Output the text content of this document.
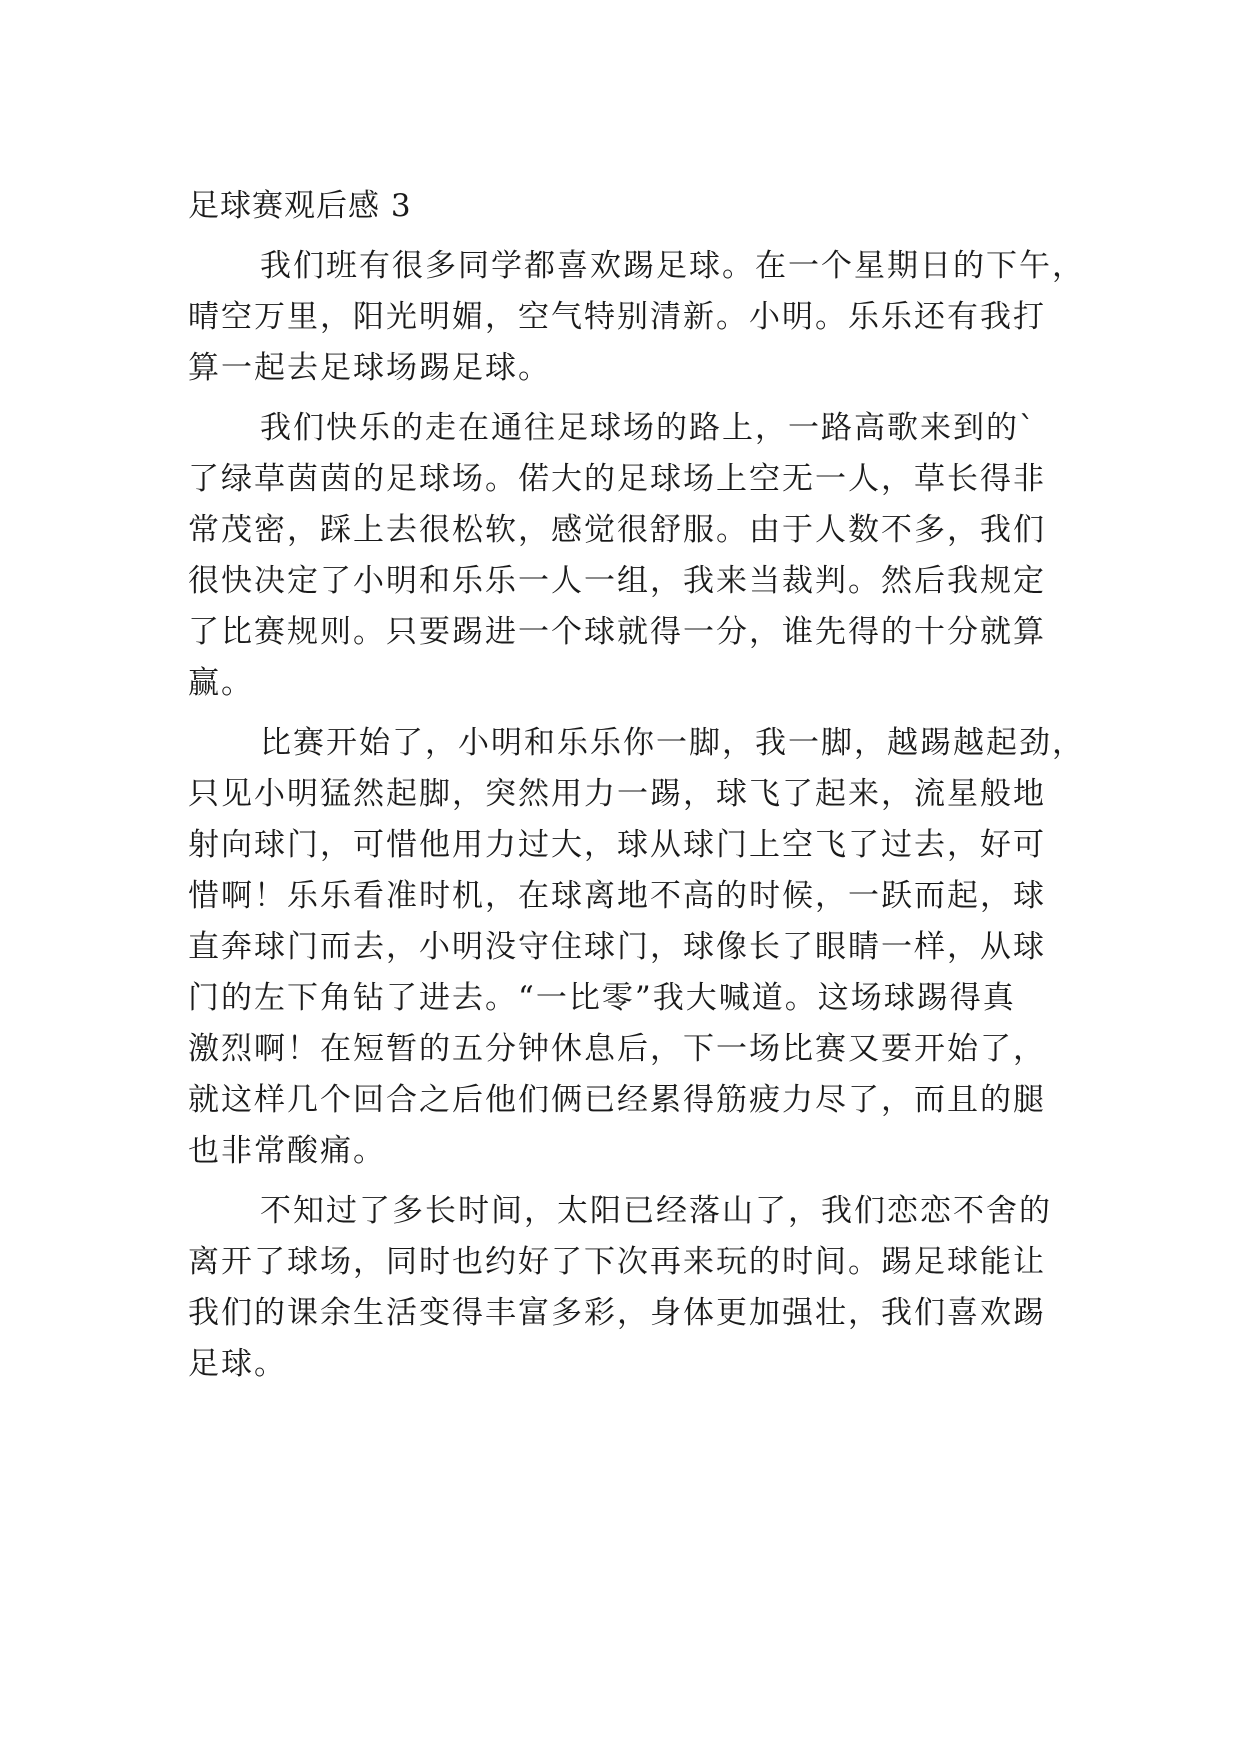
足球赛观后感 3
我们班有很多同学都喜欢踢足球。在一个星期日的下午，
晴空万里，阳光明媚，空气特别清新。小明。乐乐还有我打
算一起去足球场踢足球。
我们快乐的走在通往足球场的路上，一路高歌来到的`
了绿草茵茵的足球场。偌大的足球场上空无一人，草长得非
常茂密，踩上去很松软，感觉很舒服。由于人数不多，我们
很快决定了小明和乐乐一人一组，我来当裁判。然后我规定
了比赛规则。只要踢进一个球就得一分，谁先得的十分就算
赢。
比赛开始了，小明和乐乐你一脚，我一脚，越踢越起劲，
只见小明猛然起脚，突然用力一踢，球飞了起来，流星般地
射向球门，可惜他用力过大，球从球门上空飞了过去，好可
惜啊！乐乐看准时机，在球离地不高的时候，一跃而起，球
直奔球门而去，小明没守住球门，球像长了眼睛一样，从球
门的左下角钻了进去。“一比零”我大喊道。这场球踢得真
激烈啊！在短暂的五分钟休息后，下一场比赛又要开始了，
就这样几个回合之后他们俩已经累得筋疲力尽了，而且的腿
也非常酸痛。
不知过了多长时间，太阳已经落山了，我们恋恋不舍的
离开了球场，同时也约好了下次再来玩的时间。踢足球能让
我们的课余生活变得丰富多彩，身体更加强壮，我们喜欢踢
足球。
